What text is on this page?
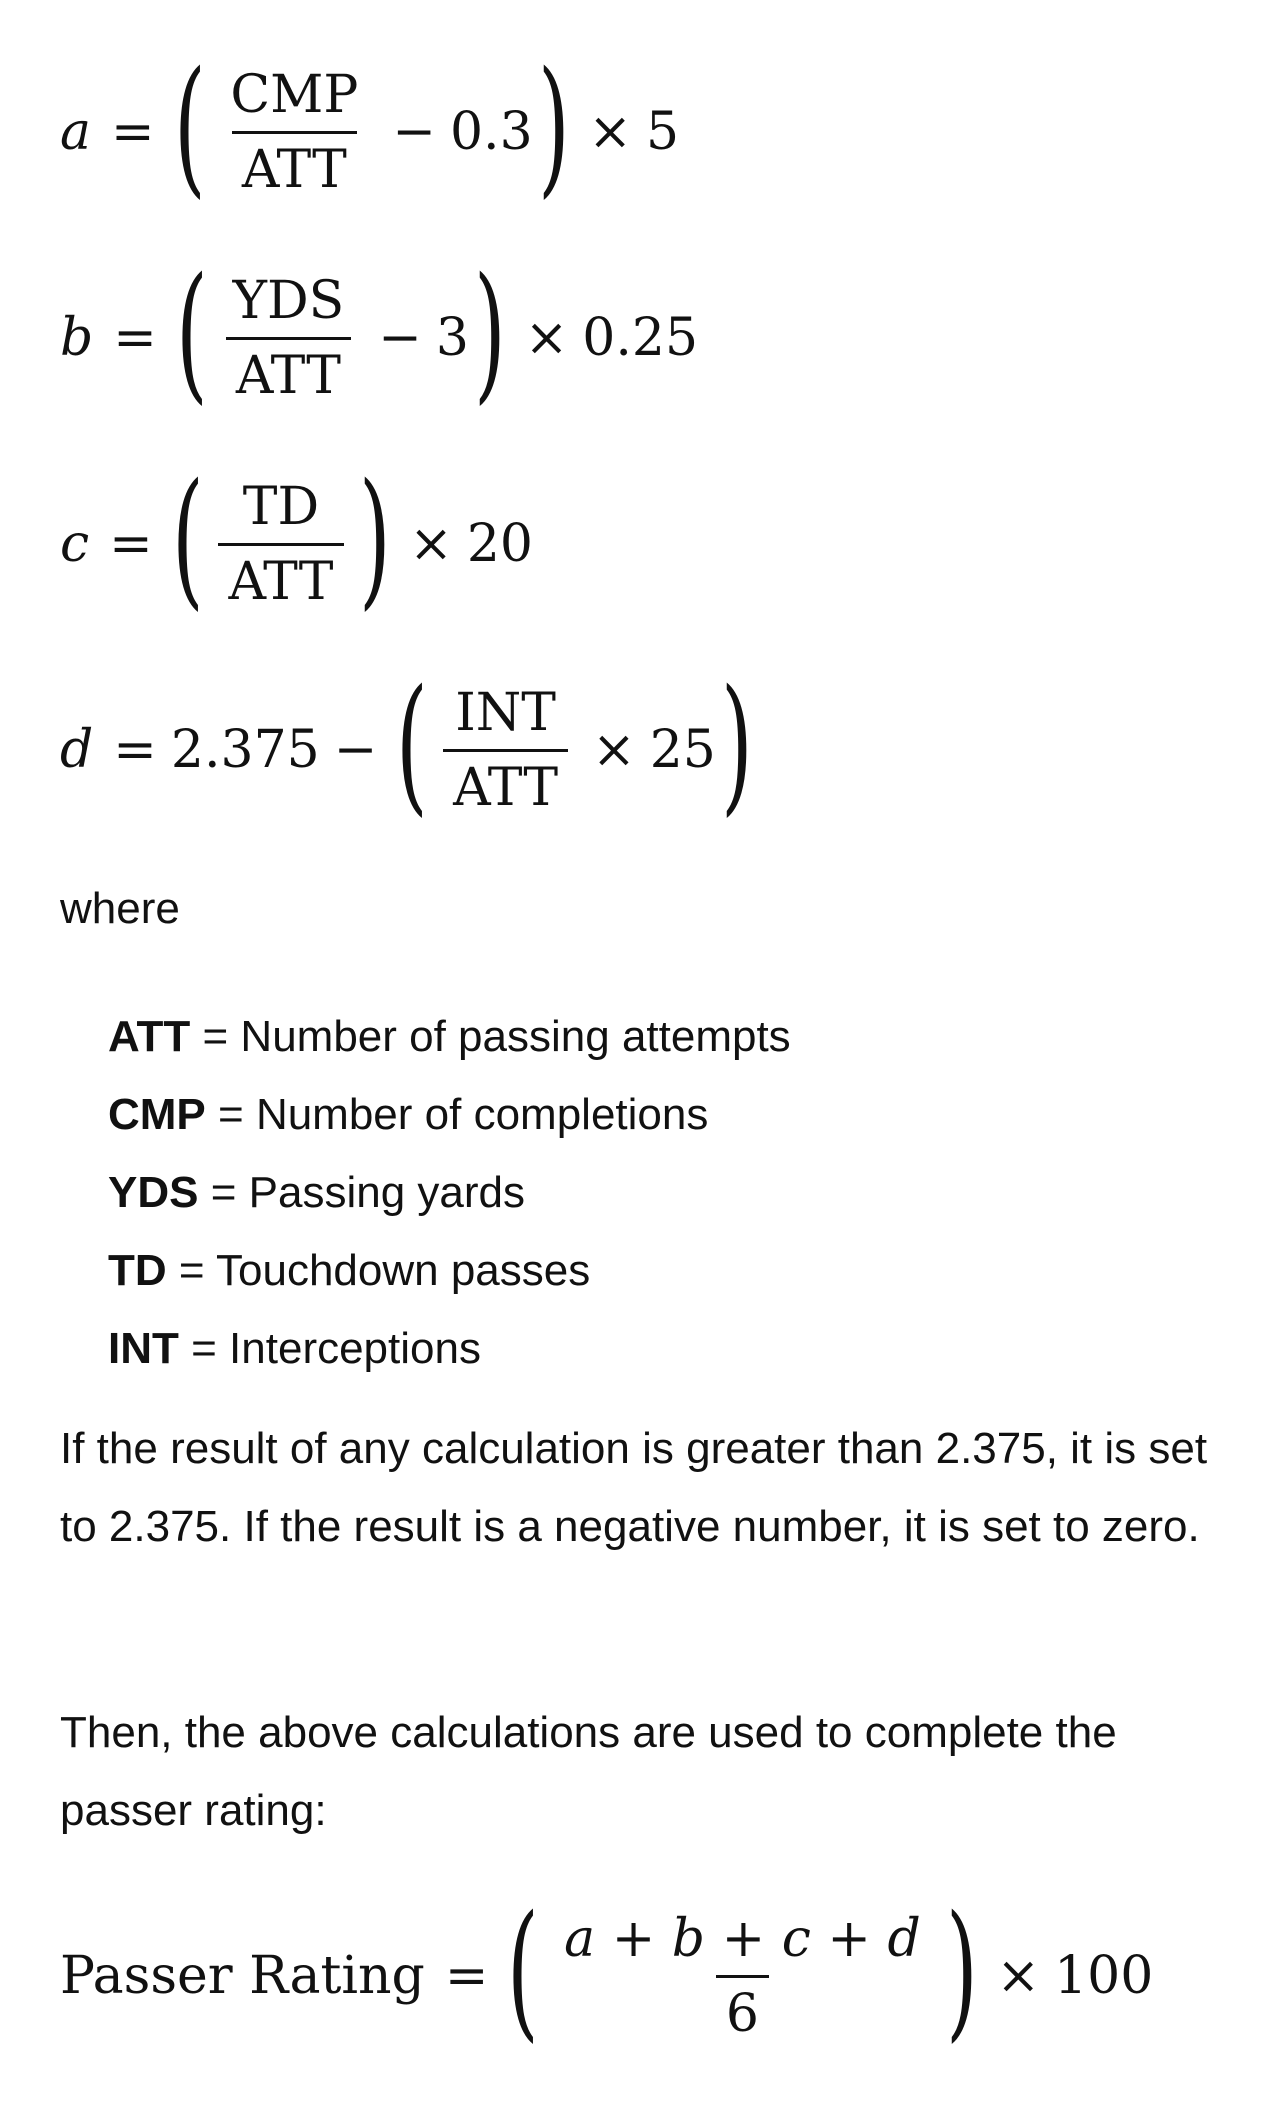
a = ( $\frac{\text{CMP}}{\text{ATT}} - 0.3$ ) × 5
b = ( $\frac{\text{YDS}}{\text{ATT}} - 3$ ) × 0.25
c = ( $\frac{TD}{\text{ATT}}$ ) × 20
d = 2.375 − ( $\frac{\text{INT}}{\text{ATT}} \times 25$ )
where
ATT = Number of passing attempts
CMP = Number of completions
YDS = Passing yards
TD = Touchdown passes
INT = Interceptions
If the result of any calculation is greater than 2.375, it is set to 2.375. If the result is a negative number, it is set to zero.
Then, the above calculations are used to complete the passer rating:
Passer Rating = ( $\frac{a + b + c + d}{6}$ ) × 100
